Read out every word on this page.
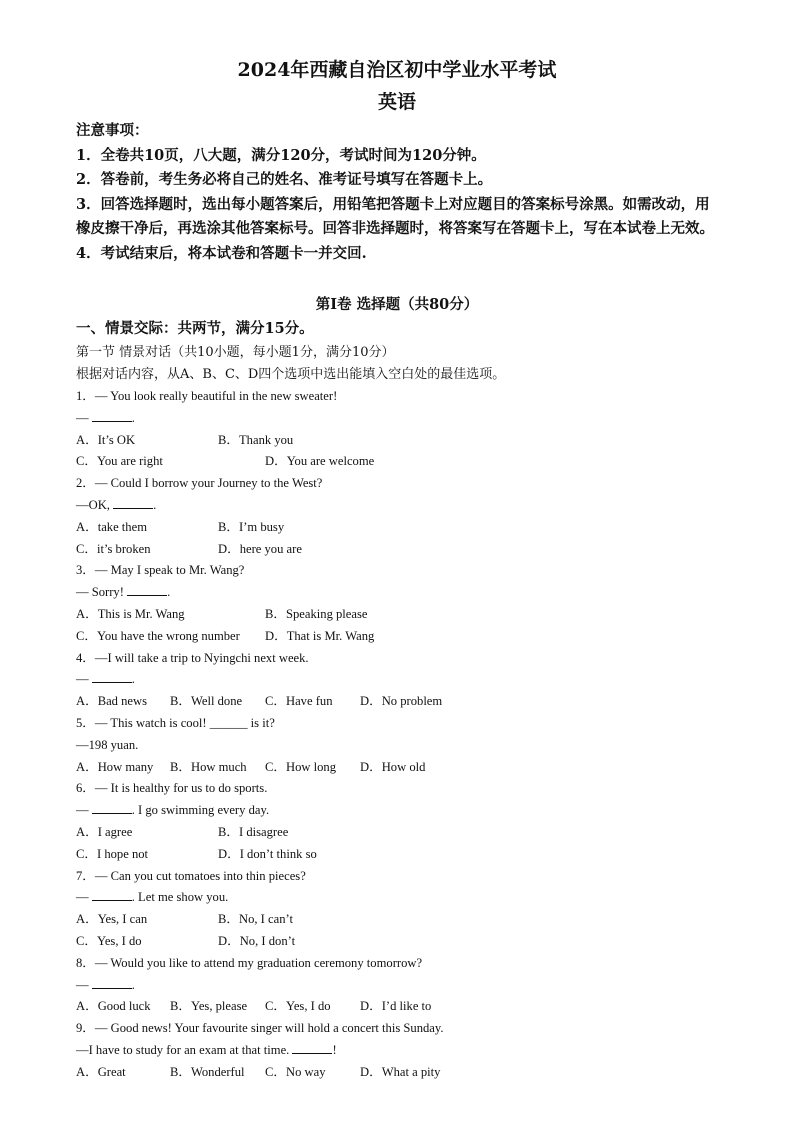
2024年西藏自治区初中学业水平考试
英语

注意事项：

1．全卷共10页，八大题，满分120分，考试时间为120分钟。

2．答卷前，考生务必将自己的姓名、准考证号填写在答题卡上。

3．回答选择题时，选出每小题答案后，用铅笔把答题卡上对应题目的答案标号涂黑。如需改动，用橡皮擦干净后，再选涂其他答案标号。回答非选择题时，将答案写在答题卡上，写在本试卷上无效。

4．考试结束后，将本试卷和答题卡一并交回.

第Ⅰ卷 选择题（共80分）
一、情景交际：共两节，满分15分。
第一节 情景对话（共10小题，每小题1分，满分10分）
根据对话内容，从A、B、C、D四个选项中选出能填入空白处的最佳选项。
1．— You look really beautiful in the new sweater!
—	.
A．It’s OK	B．Thank you
C．You are right	D．You are welcome
2．— Could I borrow your Journey to the West?
—OK,	.
A．take them	B．I’m busy
C．it’s broken	D．here you are
3．— May I speak to Mr. Wang?
— Sorry!	.
A．This is Mr. Wang	B．Speaking please
C．You have the wrong number D．That is Mr. Wang
4．—I will take a trip to Nyingchi next week.
—	.
A．Bad news B．Well done C．Have fun D．No problem
5．— This watch is cool! ______ is it?
—198 yuan.
A．How many B．How much C．How long D．How old
6．— It is healthy for us to do sports.
—	. I go swimming every day.
A．I agree	B．I disagree
C．I hope not	D．I don’t think so
7．— Can you cut tomatoes into thin pieces?
—	. Let me show you.
A．Yes, I can	B．No, I can’t
C．Yes, I do	D．No, I don’t
8．— Would you like to attend my graduation ceremony tomorrow?
—	.
A．Good luck B．Yes, please C．Yes, I do D．I’d like to
9．— Good news! Your favourite singer will hold a concert this Sunday.
—I have to study for an exam at that time.	!
A．Great	B．Wonderful C．No way	D．What a pity
